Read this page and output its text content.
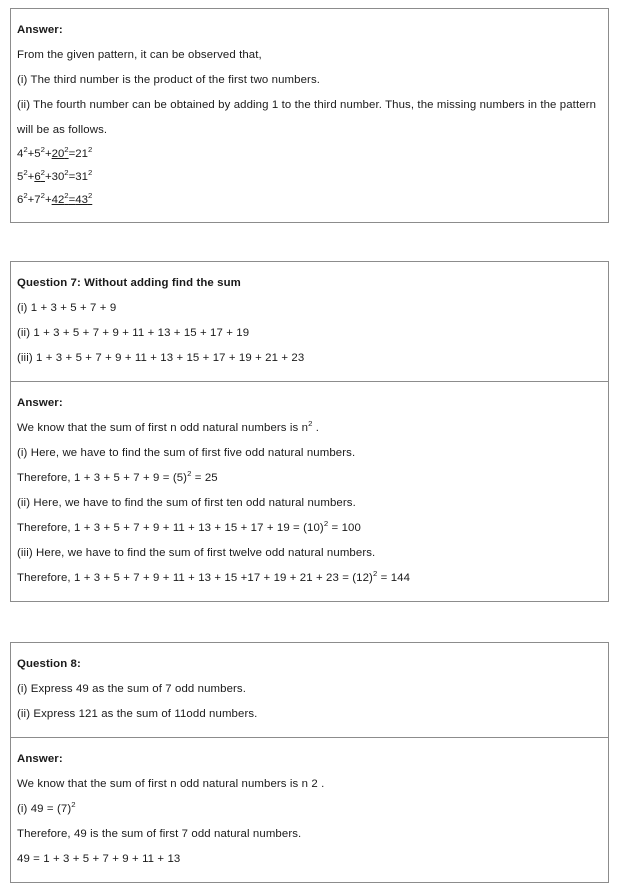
Answer:
From the given pattern, it can be observed that,
(i) The third number is the product of the first two numbers.
(ii) The fourth number can be obtained by adding 1 to the third number. Thus, the missing numbers in the pattern will be as follows.
$4^2+5^2+20^2=21^2$
$5^2+6^2+30^2=31^2$
$6^2+7^2+42^2=43^2$
Question 7: Without adding find the sum
(i) 1 + 3 + 5 + 7 + 9
(ii) 1 + 3 + 5 + 7 + 9 + 11 + 13 + 15 + 17 + 19
(iii) 1 + 3 + 5 + 7 + 9 + 11 + 13 + 15 + 17 + 19 + 21 + 23
Answer:
We know that the sum of first n odd natural numbers is $n^2$ .
(i) Here, we have to find the sum of first five odd natural numbers.
Therefore, $1 + 3 + 5 + 7 + 9 = (5)^2 = 25$
(ii) Here, we have to find the sum of first ten odd natural numbers.
Therefore, $1 + 3 + 5 + 7 + 9 + 11 + 13 + 15 + 17 + 19 = (10)^2 = 100$
(iii) Here, we have to find the sum of first twelve odd natural numbers.
Therefore, $1 + 3 + 5 + 7 + 9 + 11 + 13 + 15 +17 + 19 + 21 + 23 = (12)^2 = 144$
Question 8:
(i) Express 49 as the sum of 7 odd numbers.
(ii) Express 121 as the sum of 11odd numbers.
Answer:
We know that the sum of first n odd natural numbers is n 2 .
(i) $49 = (7)^2$
Therefore, 49 is the sum of first 7 odd natural numbers.
49 = 1 + 3 + 5 + 7 + 9 + 11 + 13
